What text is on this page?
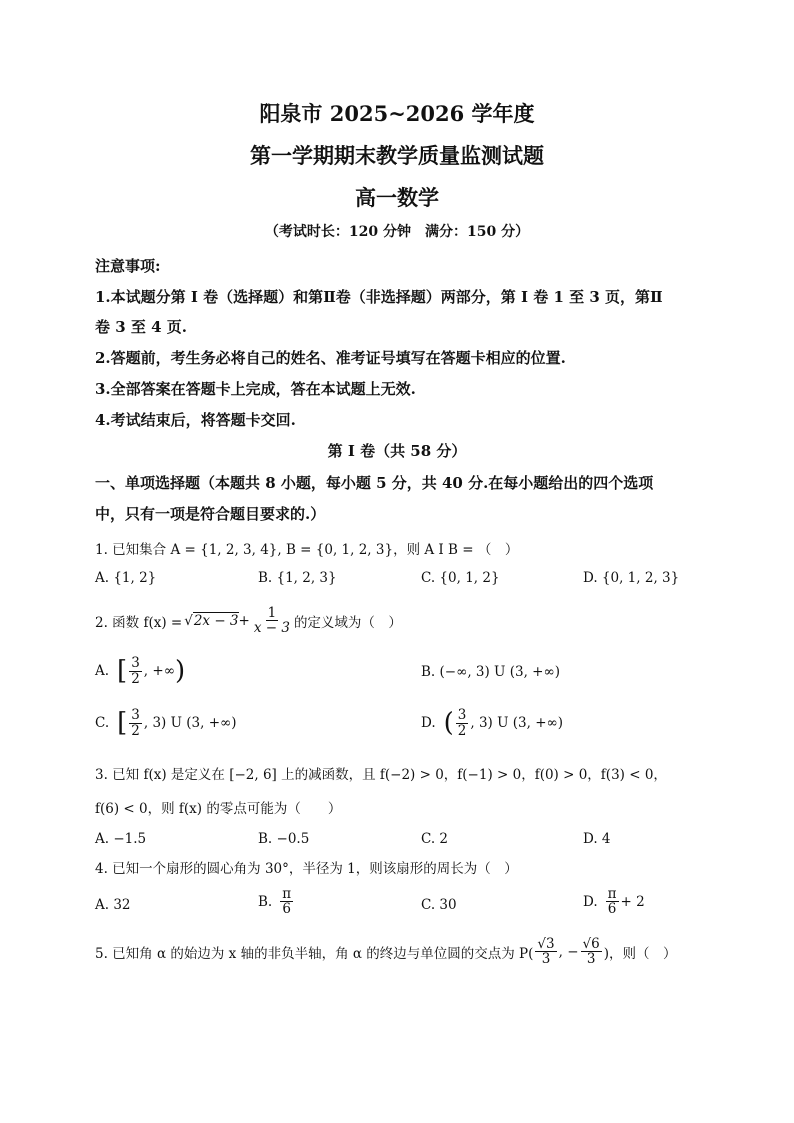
阳泉市 2025~2026 学年度
第一学期期末教学质量监测试题
高一数学
（考试时长：120 分钟　满分：150 分）
注意事项:
1.本试题分第 I 卷（选择题）和第Ⅱ卷（非选择题）两部分，第 I 卷 1 至 3 页，第Ⅱ
卷 3 至 4 页.
2.答题前，考生务必将自己的姓名、准考证号填写在答题卡相应的位置.
3.全部答案在答题卡上完成，答在本试题上无效.
4.考试结束后，将答题卡交回.
第 I 卷（共 58 分）
一、单项选择题（本题共 8 小题，每小题 5 分，共 40 分.在每小题给出的四个选项
中，只有一项是符合题目要求的.）
1. 已知集合 A = {1, 2, 3, 4}, B = {0, 1, 2, 3}，则 A I B = （　）
A. {1, 2}	B. {1, 2, 3}	C. {0, 1, 2}	D. {0, 1, 2, 3}
2. 函数 f(x) = √ $2x - 3 + \frac{1}{x - 3}$ 的定义域为（　）
A. [ $\frac{3}{2}$ , +∞ )	B. (−∞, 3) U (3, +∞)
C. [ $\frac{3}{2}$ , 3) U (3, +∞)	D. ( $\frac{3}{2}$ , 3) U (3, +∞)
3. 已知 f(x) 是定义在 [−2, 6] 上的减函数，且 f(−2) > 0，f(−1) > 0，f(0) > 0，f(3) < 0，
f(6) < 0，则 f(x) 的零点可能为（　　）
A. −1.5	B. −0.5	C. 2	D. 4
4. 已知一个扇形的圆心角为 30°，半径为 1，则该扇形的周长为（　）
A. 32	B. $\frac{\pi}{6}$	C. 30	D. $\frac{\pi}{6} + 2$
5. 已知角 α 的始边为 x 轴的非负半轴，角 α 的终边与单位圆的交点为 $P( \frac{√3}{3}$ , − $\frac{√6}{3}$ )，则（　）
